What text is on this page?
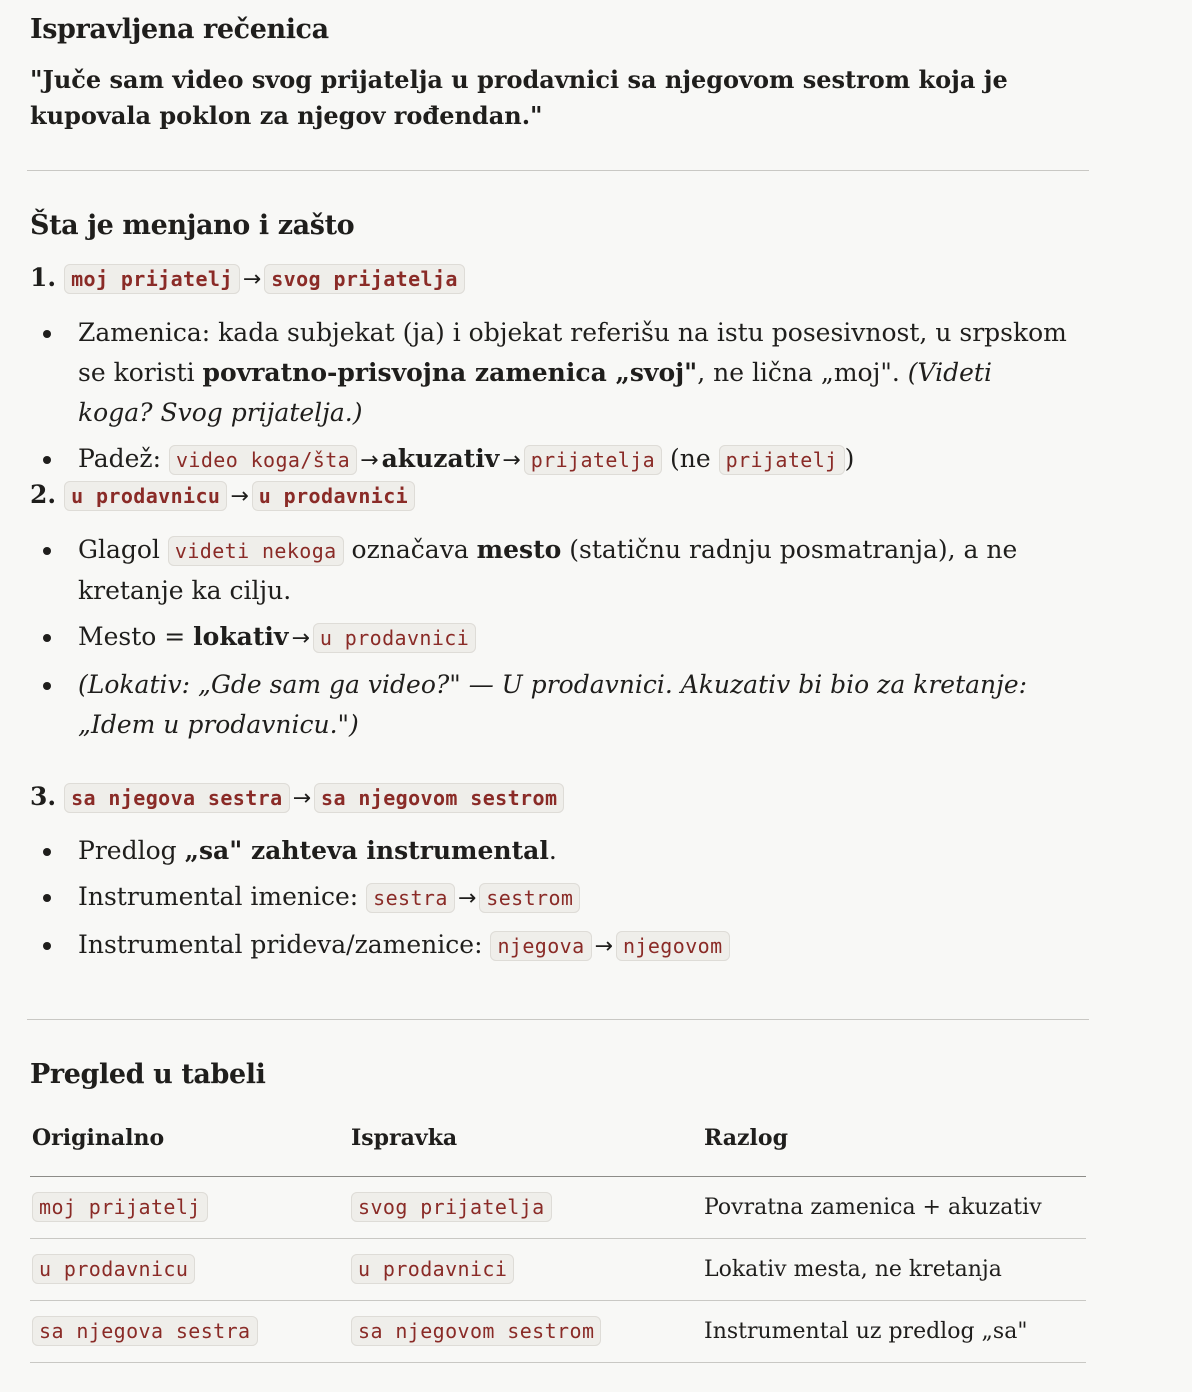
Ispravljena rečenica

"Juče sam video svog prijatelja u prodavnici sa njegovom sestrom koja je kupovala poklon za njegov rođendan."

Šta je menjano i zašto

1. moj prijatelj → svog prijatelja

Zamenica: kada subjekat (ja) i objekat referišu na istu posesivnost, u srpskom se koristi povratno-prisvojna zamenica „svoj", ne lična „moj". (Videti koga? Svog prijatelja.)
Padež: video koga/šta → akuzativ → prijatelja (ne prijatelj )

2. u prodavnicu → u prodavnici

Glagol videti nekoga označava mesto (statičnu radnju posmatranja), a ne kretanje ka cilju.
Mesto = lokativ → u prodavnici
(Lokativ: „Gde sam ga video?" — U prodavnici. Akuzativ bi bio za kretanje: „Idem u prodavnicu.")

3. sa njegova sestra → sa njegovom sestrom

Predlog „sa" zahteva instrumental.
Instrumental imenice: sestra → sestrom
Instrumental prideva/zamenice: njegova → njegovom
Pregled u tabeli
Originalno	Ispravka	Razlog
moj prijatelj	svog prijatelja	Povratna zamenica + akuzativ
u prodavnicu	u prodavnici	Lokativ mesta, ne kretanja
sa njegova sestra	sa njegovom sestrom	Instrumental uz predlog „sa"
